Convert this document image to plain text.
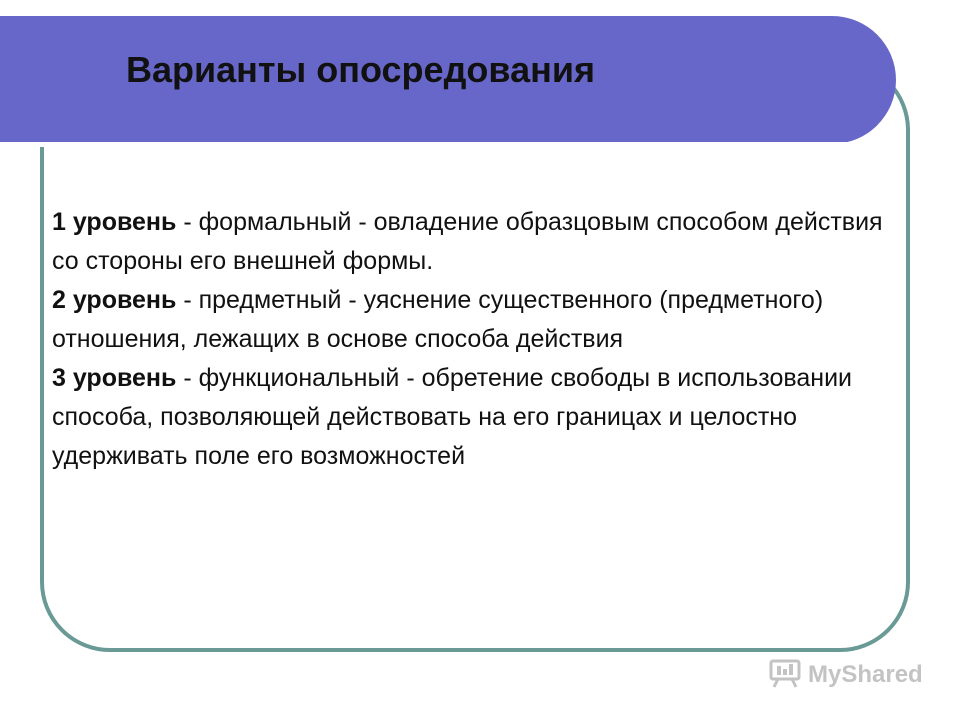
Варианты опосредования

1 уровень - формальный - овладение образцовым способом действия со стороны его внешней формы.

2 уровень - предметный - уяснение существенного (предметного) отношения, лежащих в основе способа действия

3 уровень - функциональный - обретение свободы в использовании способа, позволяющей действовать на его границах и целостно удерживать поле его возможностей

MyShared
